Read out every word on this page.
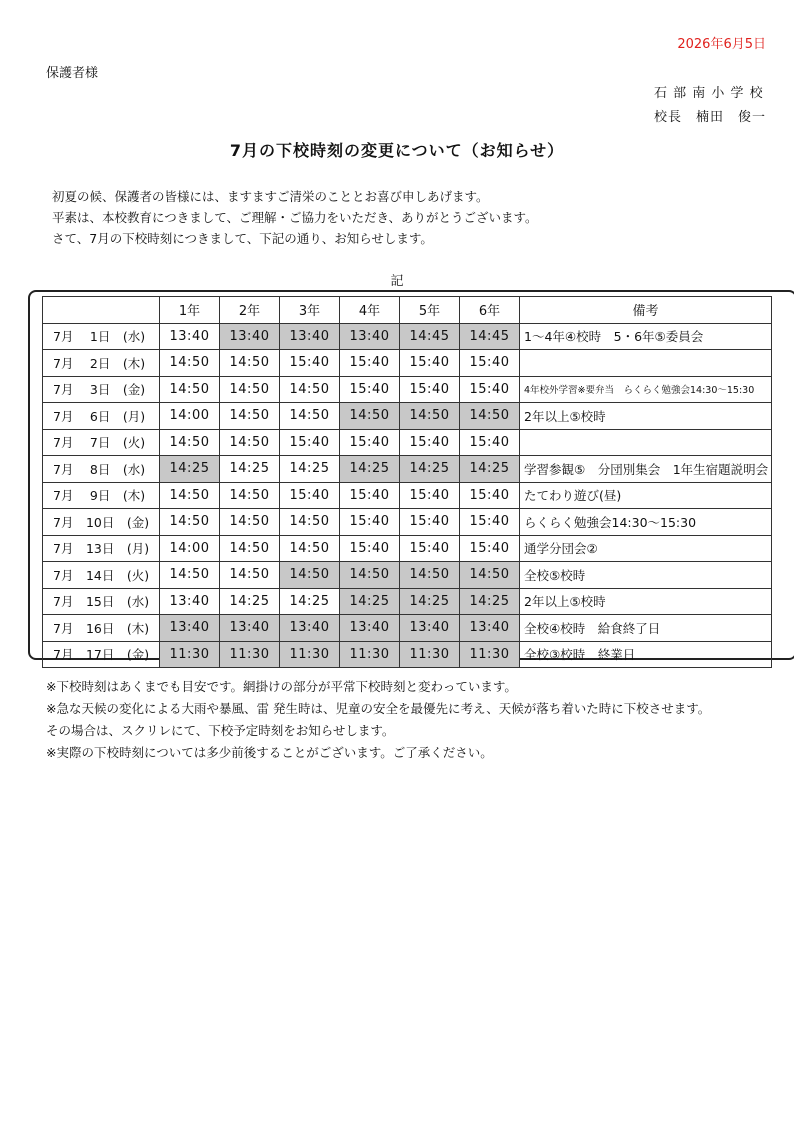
2026年6月5日
保護者様
石 部 南 小 学 校
校長　楠田　俊一
7月の下校時刻の変更について（お知らせ）
初夏の候、保護者の皆様には、ますますご清栄のこととお喜び申しあげます。
平素は、本校教育につきまして、ご理解・ご協力をいただき、ありがとうございます。
さて、7月の下校時刻につきまして、下記の通り、お知らせします。
記
	1年	2年	3年	4年	5年	6年	備考
7月　 1日　(水)	13:40	13:40	13:40	13:40	14:45	14:45	1～4年④校時　5・6年⑤委員会
7月　 2日　(木)	14:50	14:50	15:40	15:40	15:40	15:40	
7月　 3日　(金)	14:50	14:50	14:50	15:40	15:40	15:40	4年校外学習※要弁当　らくらく勉強会14:30～15:30
7月　 6日　(月)	14:00	14:50	14:50	14:50	14:50	14:50	2年以上⑤校時
7月　 7日　(火)	14:50	14:50	15:40	15:40	15:40	15:40	
7月　 8日　(水)	14:25	14:25	14:25	14:25	14:25	14:25	学習参観⑤　分団別集会　1年生宿題説明会
7月　 9日　(木)	14:50	14:50	15:40	15:40	15:40	15:40	たてわり遊び(昼)
7月　10日　(金)	14:50	14:50	14:50	15:40	15:40	15:40	らくらく勉強会14:30～15:30
7月　13日　(月)	14:00	14:50	14:50	15:40	15:40	15:40	通学分団会②
7月　14日　(火)	14:50	14:50	14:50	14:50	14:50	14:50	全校⑤校時
7月　15日　(水)	13:40	14:25	14:25	14:25	14:25	14:25	2年以上⑤校時
7月　16日　(木)	13:40	13:40	13:40	13:40	13:40	13:40	全校④校時　給食終了日
7月　17日　(金)	11:30	11:30	11:30	11:30	11:30	11:30	全校③校時　終業日
※下校時刻はあくまでも目安です。網掛けの部分が平常下校時刻と変わっています。
※急な天候の変化による大雨や暴風、雷 発生時は、児童の安全を最優先に考え、天候が落ち着いた時に下校させます。
その場合は、スクリレにて、下校予定時刻をお知らせします。
※実際の下校時刻については多少前後することがございます。ご了承ください。
